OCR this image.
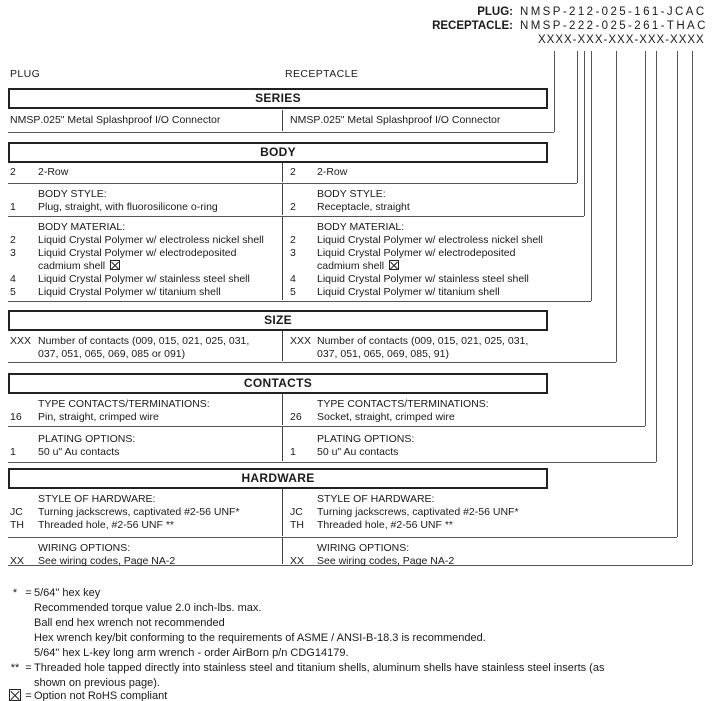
PLUG: NMSP-212-025-161-JCAC
RECEPTACLE: NMSP-222-025-261-THAC
XXXX-XXX-XXX-XXX-XXXX
PLUG	RECEPTACLE
SERIES
NMSP .025" Metal Splashproof I/O Connector	NMSP .025" Metal Splashproof I/O Connector
BODY
2	2-Row	2	2-Row
BODY STYLE:
1	Plug, straight, with fluorosilicone o-ring
BODY STYLE:
2	Receptacle, straight
BODY MATERIAL:
2	Liquid Crystal Polymer w/ electroless nickel shell
3	Liquid Crystal Polymer w/ electrodeposited cadmium shell
4	Liquid Crystal Polymer w/ stainless steel shell
5	Liquid Crystal Polymer w/ titanium shell
BODY MATERIAL:
2	Liquid Crystal Polymer w/ electroless nickel shell
3	Liquid Crystal Polymer w/ electrodeposited cadmium shell
4	Liquid Crystal Polymer w/ stainless steel shell
5	Liquid Crystal Polymer w/ titanium shell
SIZE
XXX Number of contacts (009, 015, 021, 025, 031, 037, 051, 065, 069, 085 or 091)
XXX Number of contacts (009, 015, 021, 025, 031, 037, 051, 065, 069, 085, 91)
CONTACTS
TYPE CONTACTS/TERMINATIONS:
16	Pin, straight, crimped wire
TYPE CONTACTS/TERMINATIONS:
26	Socket, straight, crimped wire
PLATING OPTIONS:
1	50 u" Au contacts
PLATING OPTIONS:
1	50 u" Au contacts
HARDWARE
STYLE OF HARDWARE:
JC	Turning jackscrews, captivated #2-56 UNF*
TH	Threaded hole, #2-56 UNF **
STYLE OF HARDWARE:
JC	Turning jackscrews, captivated #2-56 UNF*
TH	Threaded hole, #2-56 UNF **
WIRING OPTIONS:
XX	See wiring codes, Page NA-2
WIRING OPTIONS:
XX	See wiring codes, Page NA-2
* = 5/64" hex key
Recommended torque value 2.0 inch-lbs. max.
Ball end hex wrench not recommended
Hex wrench key/bit conforming to the requirements of ASME / ANSI-B-18.3 is recommended.
5/64" hex L-key long arm wrench - order AirBorn p/n CDG14179.
** = Threaded hole tapped directly into stainless steel and titanium shells, aluminum shells have stainless steel inserts (as shown on previous page).
= Option not RoHS compliant
